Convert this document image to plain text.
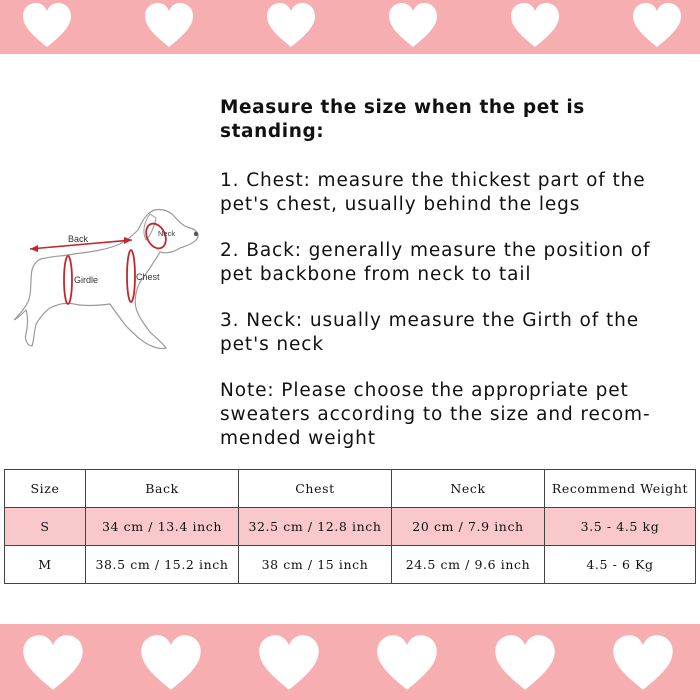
Back
Neck
Girdle	Chest

Measure the size when the pet is standing:

1. Chest: measure the thickest part of the pet's chest, usually behind the legs

2. Back: generally measure the position of pet backbone from neck to tail

3. Neck: usually measure the Girth of the pet's neck

Note: Please choose the appropriate pet sweaters according to the size and recom-mended weight

Size	Back	Chest	Neck	Recommend Weight
S	34 cm / 13.4 inch	32.5 cm / 12.8 inch	20 cm / 7.9 inch	3.5 - 4.5 kg
M	38.5 cm / 15.2 inch	38 cm / 15 inch	24.5 cm / 9.6 inch	4.5 - 6 Kg
